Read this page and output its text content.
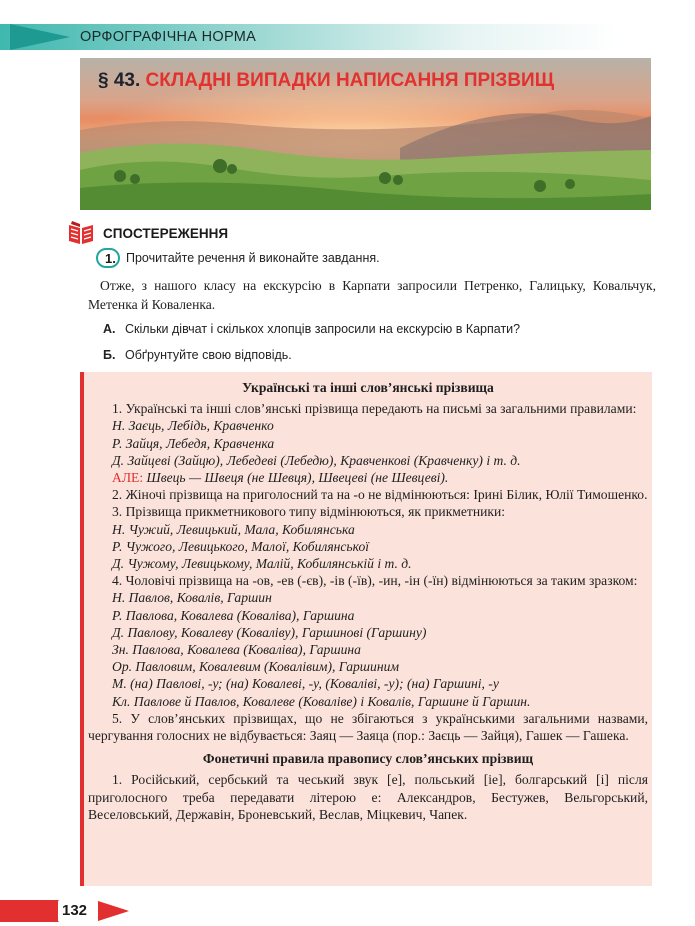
ОРФОГРАФІЧНА НОРМА
§ 43. СКЛАДНІ ВИПАДКИ НАПИСАННЯ ПРІЗВИЩ
СПОСТЕРЕЖЕННЯ
1. Прочитайте речення й виконайте завдання.
Отже, з нашого класу на екскурсію в Карпати запросили Петренко, Галицьку, Ковальчук, Метенка й Коваленка.
А. Скільки дівчат і скількох хлопців запросили на екскурсію в Карпати?
Б. Обґрунтуйте свою відповідь.
Українські та інші слов’янські прізвища
1. Українські та інші слов’янські прізвища передають на письмі за загальними правилами:
Н. Заєць, Лебідь, Кравченко
Р. Зайця, Лебедя, Кравченка
Д. Зайцеві (Зайцю), Лебедеві (Лебедю), Кравченкові (Кравченку) і т. д.
АЛЕ: Швець — Швеця (не Шевця), Швецеві (не Шевцеві).
2. Жіночі прізвища на приголосний та на -о не відмінюються: Ірині Білик, Юлії Тимошенко.
3. Прізвища прикметникового типу відмінюються, як прикметники:
Н. Чужий, Левицький, Мала, Кобилянська
Р. Чужого, Левицького, Малої, Кобилянської
Д. Чужому, Левицькому, Малій, Кобилянській і т. д.
4. Чоловічі прізвища на -ов, -ев (-єв), -ів (-їв), -ин, -ін (-їн) відмінюються за таким зразком:
Н. Павлов, Ковалів, Гаршин
Р. Павлова, Ковалева (Коваліва), Гаршина
Д. Павлову, Ковалеву (Коваліву), Гаршинові (Гаршину)
Зн. Павлова, Ковалева (Коваліва), Гаршина
Ор. Павловим, Ковалевим (Ковалівим), Гаршиним
М. (на) Павлові, -у; (на) Ковалеві, -у, (Коваліві, -у); (на) Гаршині, -у
Кл. Павлове й Павлов, Ковалеве (Коваліве) і Ковалів, Гаршине й Гаршин.
5. У слов’янських прізвищах, що не збігаються з українськими загальними назвами, чергування голосних не відбувається: Заяц — Заяца (пор.: Заєць — Зайця), Гашек — Гашека.
Фонетичні правила правопису слов’янських прізвищ
1. Російський, сербський та чеський звук [е], польський [іе], болгарський [і] після приголосного треба передавати літерою е: Александров, Бестужев, Вельгорський, Веселовський, Державін, Броневський, Веслав, Міцкевич, Чапек.
132
